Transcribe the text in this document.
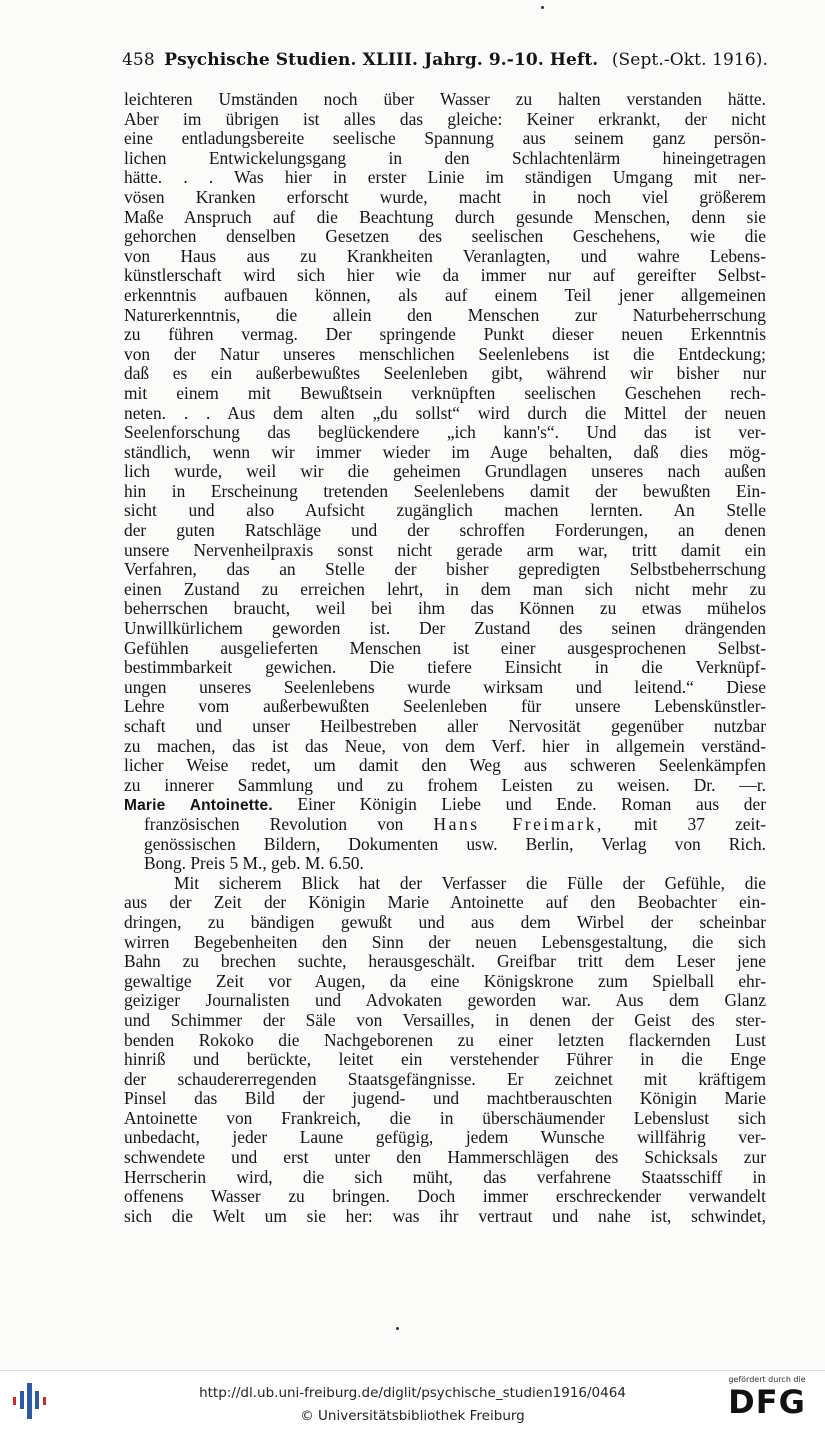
458 Psychische Studien. XLIII. Jahrg. 9.-10. Heft. (Sept.-Okt. 1916).
leichteren Umständen noch über Wasser zu halten verstanden hätte.
Aber im übrigen ist alles das gleiche: Keiner erkrankt, der nicht
eine entladungsbereite seelische Spannung aus seinem ganz persön-
lichen Entwickelungsgang in den Schlachtenlärm hineingetragen
hätte. . . Was hier in erster Linie im ständigen Umgang mit ner-
vösen Kranken erforscht wurde, macht in noch viel größerem
Maße Anspruch auf die Beachtung durch gesunde Menschen, denn sie
gehorchen denselben Gesetzen des seelischen Geschehens, wie die
von Haus aus zu Krankheiten Veranlagten, und wahre Lebens-
künstlerschaft wird sich hier wie da immer nur auf gereifter Selbst-
erkenntnis aufbauen können, als auf einem Teil jener allgemeinen
Naturerkenntnis, die allein den Menschen zur Naturbeherrschung
zu führen vermag. Der springende Punkt dieser neuen Erkenntnis
von der Natur unseres menschlichen Seelenlebens ist die Entdeckung;
daß es ein außerbewußtes Seelenleben gibt, während wir bisher nur
mit einem mit Bewußtsein verknüpften seelischen Geschehen rech-
neten. . . Aus dem alten „du sollst“ wird durch die Mittel der neuen
Seelenforschung das beglückendere „ich kann's“. Und das ist ver-
ständlich, wenn wir immer wieder im Auge behalten, daß dies mög-
lich wurde, weil wir die geheimen Grundlagen unseres nach außen
hin in Erscheinung tretenden Seelenlebens damit der bewußten Ein-
sicht und also Aufsicht zugänglich machen lernten. An Stelle
der guten Ratschläge und der schroffen Forderungen, an denen
unsere Nervenheilpraxis sonst nicht gerade arm war, tritt damit ein
Verfahren, das an Stelle der bisher gepredigten Selbstbeherrschung
einen Zustand zu erreichen lehrt, in dem man sich nicht mehr zu
beherrschen braucht, weil bei ihm das Können zu etwas mühelos
Unwillkürlichem geworden ist. Der Zustand des seinen drängenden
Gefühlen ausgelieferten Menschen ist einer ausgesprochenen Selbst-
bestimmbarkeit gewichen. Die tiefere Einsicht in die Verknüpf-
ungen unseres Seelenlebens wurde wirksam und leitend.“ Diese
Lehre vom außerbewußten Seelenleben für unsere Lebenskünstler-
schaft und unser Heilbestreben aller Nervosität gegenüber nutzbar
zu machen, das ist das Neue, von dem Verf. hier in allgemein verständ-
licher Weise redet, um damit den Weg aus schweren Seelenkämpfen
zu innerer Sammlung und zu frohem Leisten zu weisen. Dr. —r.
Marie Antoinette. Einer Königin Liebe und Ende. Roman aus der
französischen Revolution von Hans Freimark, mit 37 zeit-
genössischen Bildern, Dokumenten usw. Berlin, Verlag von Rich.
Bong. Preis 5 M., geb. M. 6.50.
Mit sicherem Blick hat der Verfasser die Fülle der Gefühle, die
aus der Zeit der Königin Marie Antoinette auf den Beobachter ein-
dringen, zu bändigen gewußt und aus dem Wirbel der scheinbar
wirren Begebenheiten den Sinn der neuen Lebensgestaltung, die sich
Bahn zu brechen suchte, herausgeschält. Greifbar tritt dem Leser jene
gewaltige Zeit vor Augen, da eine Königskrone zum Spielball ehr-
geiziger Journalisten und Advokaten geworden war. Aus dem Glanz
und Schimmer der Säle von Versailles, in denen der Geist des ster-
benden Rokoko die Nachgeborenen zu einer letzten flackernden Lust
hinriß und berückte, leitet ein verstehender Führer in die Enge
der schaudererregenden Staatsgefängnisse. Er zeichnet mit kräftigem
Pinsel das Bild der jugend- und machtberauschten Königin Marie
Antoinette von Frankreich, die in überschäumender Lebenslust sich
unbedacht, jeder Laune gefügig, jedem Wunsche willfährig ver-
schwendete und erst unter den Hammerschlägen des Schicksals zur
Herrscherin wird, die sich müht, das verfahrene Staatsschiff in
offenens Wasser zu bringen. Doch immer erschreckender verwandelt
sich die Welt um sie her: was ihr vertraut und nahe ist, schwindet,
http://dl.ub.uni-freiburg.de/diglit/psychische_studien1916/0464
© Universitätsbibliothek Freiburg
gefördert durch die
DFG
